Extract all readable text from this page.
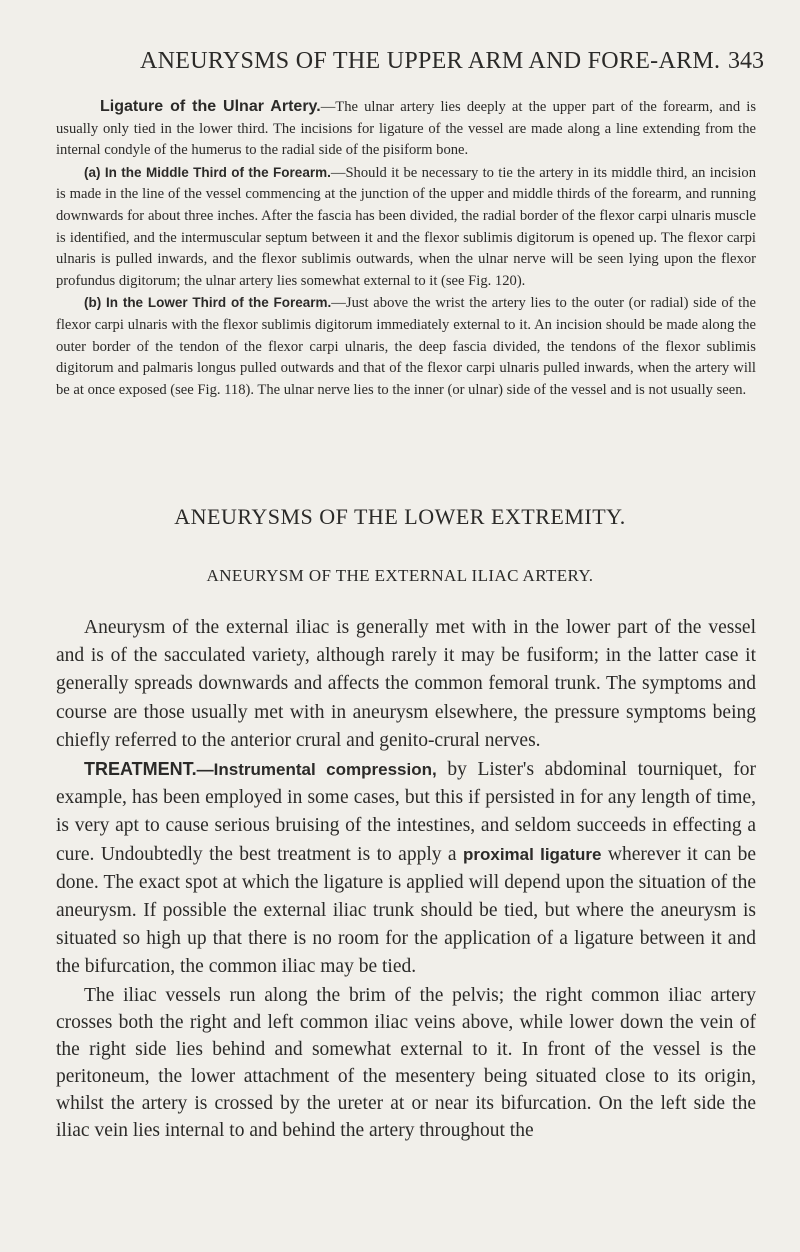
ANEURYSMS OF THE UPPER ARM AND FORE-ARM. 343

Ligature of the Ulnar Artery.—The ulnar artery lies deeply at the upper part of the forearm, and is usually only tied in the lower third. The incisions for ligature of the vessel are made along a line extending from the internal condyle of the humerus to the radial side of the pisiform bone.

(a) In the Middle Third of the Forearm.—Should it be necessary to tie the artery in its middle third, an incision is made in the line of the vessel commencing at the junction of the upper and middle thirds of the forearm, and running downwards for about three inches. After the fascia has been divided, the radial border of the flexor carpi ulnaris muscle is identified, and the intermuscular septum between it and the flexor sublimis digitorum is opened up. The flexor carpi ulnaris is pulled inwards, and the flexor sublimis outwards, when the ulnar nerve will be seen lying upon the flexor profundus digitorum; the ulnar artery lies somewhat external to it (see Fig. 120).

(b) In the Lower Third of the Forearm.—Just above the wrist the artery lies to the outer (or radial) side of the flexor carpi ulnaris with the flexor sublimis digitorum immediately external to it. An incision should be made along the outer border of the tendon of the flexor carpi ulnaris, the deep fascia divided, the tendons of the flexor sublimis digitorum and palmaris longus pulled outwards and that of the flexor carpi ulnaris pulled inwards, when the artery will be at once exposed (see Fig. 118). The ulnar nerve lies to the inner (or ulnar) side of the vessel and is not usually seen.

ANEURYSMS OF THE LOWER EXTREMITY.
ANEURYSM OF THE EXTERNAL ILIAC ARTERY.

Aneurysm of the external iliac is generally met with in the lower part of the vessel and is of the sacculated variety, although rarely it may be fusiform; in the latter case it generally spreads downwards and affects the common femoral trunk. The symptoms and course are those usually met with in aneurysm elsewhere, the pressure symptoms being chiefly referred to the anterior crural and genito-crural nerves.

TREATMENT.—Instrumental compression, by Lister's abdominal tourniquet, for example, has been employed in some cases, but this if persisted in for any length of time, is very apt to cause serious bruising of the intestines, and seldom succeeds in effecting a cure. Undoubtedly the best treatment is to apply a proximal ligature wherever it can be done. The exact spot at which the ligature is applied will depend upon the situation of the aneurysm. If possible the external iliac trunk should be tied, but where the aneurysm is situated so high up that there is no room for the application of a ligature between it and the bifurcation, the common iliac may be tied.

The iliac vessels run along the brim of the pelvis; the right common iliac artery crosses both the right and left common iliac veins above, while lower down the vein of the right side lies behind and somewhat external to it. In front of the vessel is the peritoneum, the lower attachment of the mesentery being situated close to its origin, whilst the artery is crossed by the ureter at or near its bifurcation. On the left side the iliac vein lies internal to and behind the artery throughout the
